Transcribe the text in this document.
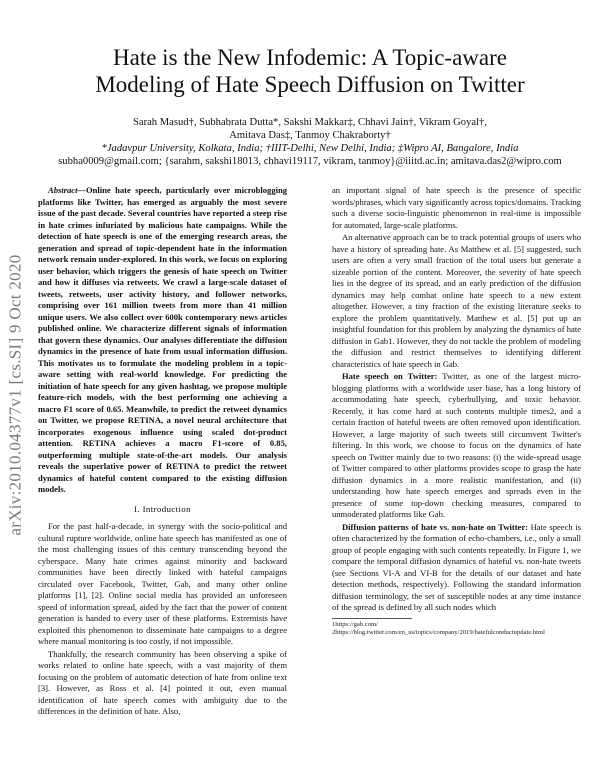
arXiv:2010.04377v1 [cs.SI] 9 Oct 2020
Hate is the New Infodemic: A Topic-aware
Modeling of Hate Speech Diffusion on Twitter
Sarah Masud†, Subhabrata Dutta*, Sakshi Makkar‡, Chhavi Jain†, Vikram Goyal†,
Amitava Das‡, Tanmoy Chakraborty†
*Jadavpur University, Kolkata, India; †IIIT-Delhi, New Delhi, India; ‡Wipro AI, Bangalore, India
subha0009@gmail.com; {sarahm, sakshi18013, chhavi19117, vikram, tanmoy}@iiitd.ac.in; amitava.das2@wipro.com

Abstract—Online hate speech, particularly over microblogging platforms like Twitter, has emerged as arguably the most severe issue of the past decade. Several countries have reported a steep rise in hate crimes infuriated by malicious hate campaigns. While the detection of hate speech is one of the emerging research areas, the generation and spread of topic-dependent hate in the information network remain under-explored. In this work, we focus on exploring user behavior, which triggers the genesis of hate speech on Twitter and how it diffuses via retweets. We crawl a large-scale dataset of tweets, retweets, user activity history, and follower networks, comprising over 161 million tweets from more than 41 million unique users. We also collect over 600k contemporary news articles published online. We characterize different signals of information that govern these dynamics. Our analyses differentiate the diffusion dynamics in the presence of hate from usual information diffusion. This motivates us to formulate the modeling problem in a topic-aware setting with real-world knowledge. For predicting the initiation of hate speech for any given hashtag, we propose multiple feature-rich models, with the best performing one achieving a macro F1 score of 0.65. Meanwhile, to predict the retweet dynamics on Twitter, we propose RETINA, a novel neural architecture that incorporates exogenous influence using scaled dot-product attention. RETINA achieves a macro F1-score of 0.85, outperforming multiple state-of-the-art models. Our analysis reveals the superlative power of RETINA to predict the retweet dynamics of hateful content compared to the existing diffusion models.

I. Introduction

For the past half-a-decade, in synergy with the socio-political and cultural rupture worldwide, online hate speech has manifested as one of the most challenging issues of this century transcending beyond the cyberspace. Many hate crimes against minority and backward communities have been directly linked with hateful campaigns circulated over Facebook, Twitter, Gab, and many other online platforms [1], [2]. Online social media has provided an unforeseen speed of information spread, aided by the fact that the power of content generation is handed to every user of these platforms. Extremists have exploited this phenomenon to disseminate hate campaigns to a degree where manual monitoring is too costly, if not impossible.

Thankfully, the research community has been observing a spike of works related to online hate speech, with a vast majority of them focusing on the problem of automatic detection of hate from online text [3]. However, as Ross et al. [4] pointed it out, even manual identification of hate speech comes with ambiguity due to the differences in the definition of hate. Also,

an important signal of hate speech is the presence of specific words/phrases, which vary significantly across topics/domains. Tracking such a diverse socio-linguistic phenomenon in real-time is impossible for automated, large-scale platforms.

An alternative approach can be to track potential groups of users who have a history of spreading hate. As Matthew et al. [5] suggested, such users are often a very small fraction of the total users but generate a sizeable portion of the content. Moreover, the severity of hate speech lies in the degree of its spread, and an early prediction of the diffusion dynamics may help combat online hate speech to a new extent altogether. However, a tiny fraction of the existing literature seeks to explore the problem quantitatively. Matthew et al. [5] put up an insightful foundation for this problem by analyzing the dynamics of hate diffusion in Gab1. However, they do not tackle the problem of modeling the diffusion and restrict themselves to identifying different characteristics of hate speech in Gab.

Hate speech on Twitter: Twitter, as one of the largest micro-blogging platforms with a worldwide user base, has a long history of accommodating hate speech, cyberbullying, and toxic behavior. Recently, it has come hard at such contents multiple times2, and a certain fraction of hateful tweets are often removed upon identification. However, a large majority of such tweets still circumvent Twitter's filtering. In this work, we choose to focus on the dynamics of hate speech on Twitter mainly due to two reasons: (i) the wide-spread usage of Twitter compared to other platforms provides scope to grasp the hate diffusion dynamics in a more realistic manifestation, and (ii) understanding how hate speech emerges and spreads even in the presence of some top-down checking measures, compared to unmoderated platforms like Gab.

Diffusion patterns of hate vs. non-hate on Twitter: Hate speech is often characterized by the formation of echo-chambers, i.e., only a small group of people engaging with such contents repeatedly. In Figure 1, we compare the temporal diffusion dynamics of hateful vs. non-hate tweets (see Sections VI-A and VI-B for the details of our dataset and hate detection methods, respectively). Following the standard information diffusion terminology, the set of susceptible nodes at any time instance of the spread is defined by all such nodes which

1https://gab.com/
2https://blog.twitter.com/en_us/topics/company/2019/hatefulconductupdate.html
